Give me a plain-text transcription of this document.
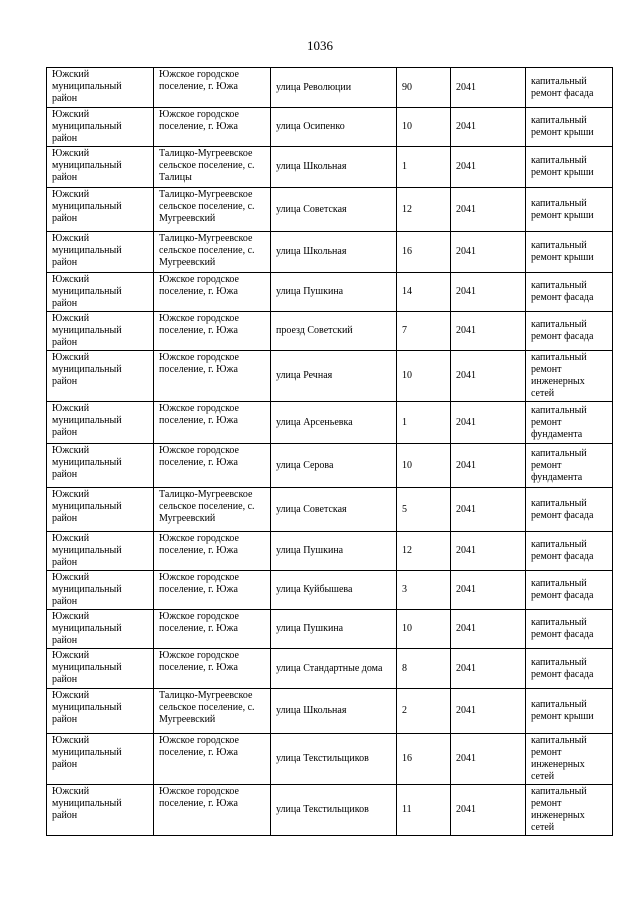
1036
Южский муниципальный район	Южское городское поселение, г. Южа	улица Революции	90	2041	капитальный ремонт фасада
Южский муниципальный район	Южское городское поселение, г. Южа	улица Осипенко	10	2041	капитальный ремонт крыши
Южский муниципальный район	Талицко-Мугреевское сельское поселение, с. Талицы	улица Школьная	1	2041	капитальный ремонт крыши
Южский муниципальный район	Талицко-Мугреевское сельское поселение, с. Мугреевский	улица Советская	12	2041	капитальный ремонт крыши
Южский муниципальный район	Талицко-Мугреевское сельское поселение, с. Мугреевский	улица Школьная	16	2041	капитальный ремонт крыши
Южский муниципальный район	Южское городское поселение, г. Южа	улица Пушкина	14	2041	капитальный ремонт фасада
Южский муниципальный район	Южское городское поселение, г. Южа	проезд Советский	7	2041	капитальный ремонт фасада
Южский муниципальный район	Южское городское поселение, г. Южа	улица Речная	10	2041	капитальный ремонт инженерных сетей
Южский муниципальный район	Южское городское поселение, г. Южа	улица Арсеньевка	1	2041	капитальный ремонт фундамента
Южский муниципальный район	Южское городское поселение, г. Южа	улица Серова	10	2041	капитальный ремонт фундамента
Южский муниципальный район	Талицко-Мугреевское сельское поселение, с. Мугреевский	улица Советская	5	2041	капитальный ремонт фасада
Южский муниципальный район	Южское городское поселение, г. Южа	улица Пушкина	12	2041	капитальный ремонт фасада
Южский муниципальный район	Южское городское поселение, г. Южа	улица Куйбышева	3	2041	капитальный ремонт фасада
Южский муниципальный район	Южское городское поселение, г. Южа	улица Пушкина	10	2041	капитальный ремонт фасада
Южский муниципальный район	Южское городское поселение, г. Южа	улица Стандартные дома	8	2041	капитальный ремонт фасада
Южский муниципальный район	Талицко-Мугреевское сельское поселение, с. Мугреевский	улица Школьная	2	2041	капитальный ремонт крыши
Южский муниципальный район	Южское городское поселение, г. Южа	улица Текстильщиков	16	2041	капитальный ремонт инженерных сетей
Южский муниципальный район	Южское городское поселение, г. Южа	улица Текстильщиков	11	2041	капитальный ремонт инженерных сетей
